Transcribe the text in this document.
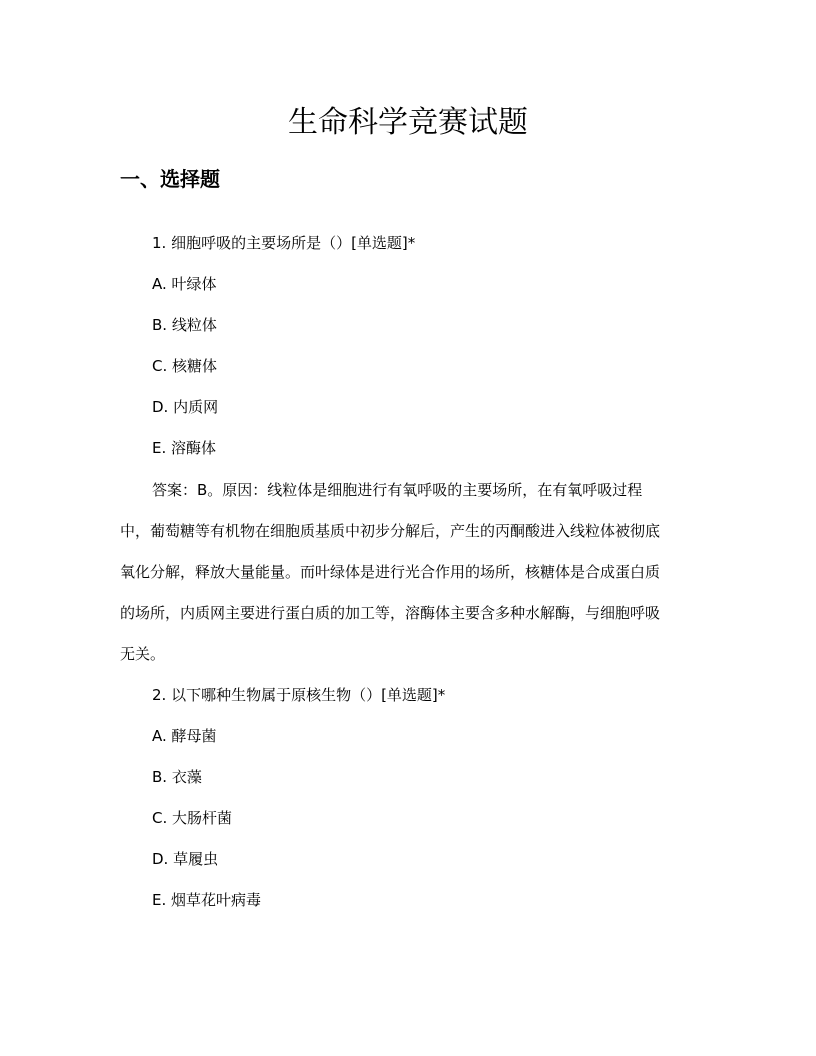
生命科学竞赛试题
一、选择题

1. 细胞呼吸的主要场所是（）[单选题]*

A. 叶绿体

B. 线粒体

C. 核糖体

D. 内质网

E. 溶酶体

答案：B。原因：线粒体是细胞进行有氧呼吸的主要场所，在有氧呼吸过程

中，葡萄糖等有机物在细胞质基质中初步分解后，产生的丙酮酸进入线粒体被彻底

氧化分解，释放大量能量。而叶绿体是进行光合作用的场所，核糖体是合成蛋白质

的场所，内质网主要进行蛋白质的加工等，溶酶体主要含多种水解酶，与细胞呼吸

无关。

2. 以下哪种生物属于原核生物（）[单选题]*

A. 酵母菌

B. 衣藻

C. 大肠杆菌

D. 草履虫

E. 烟草花叶病毒
